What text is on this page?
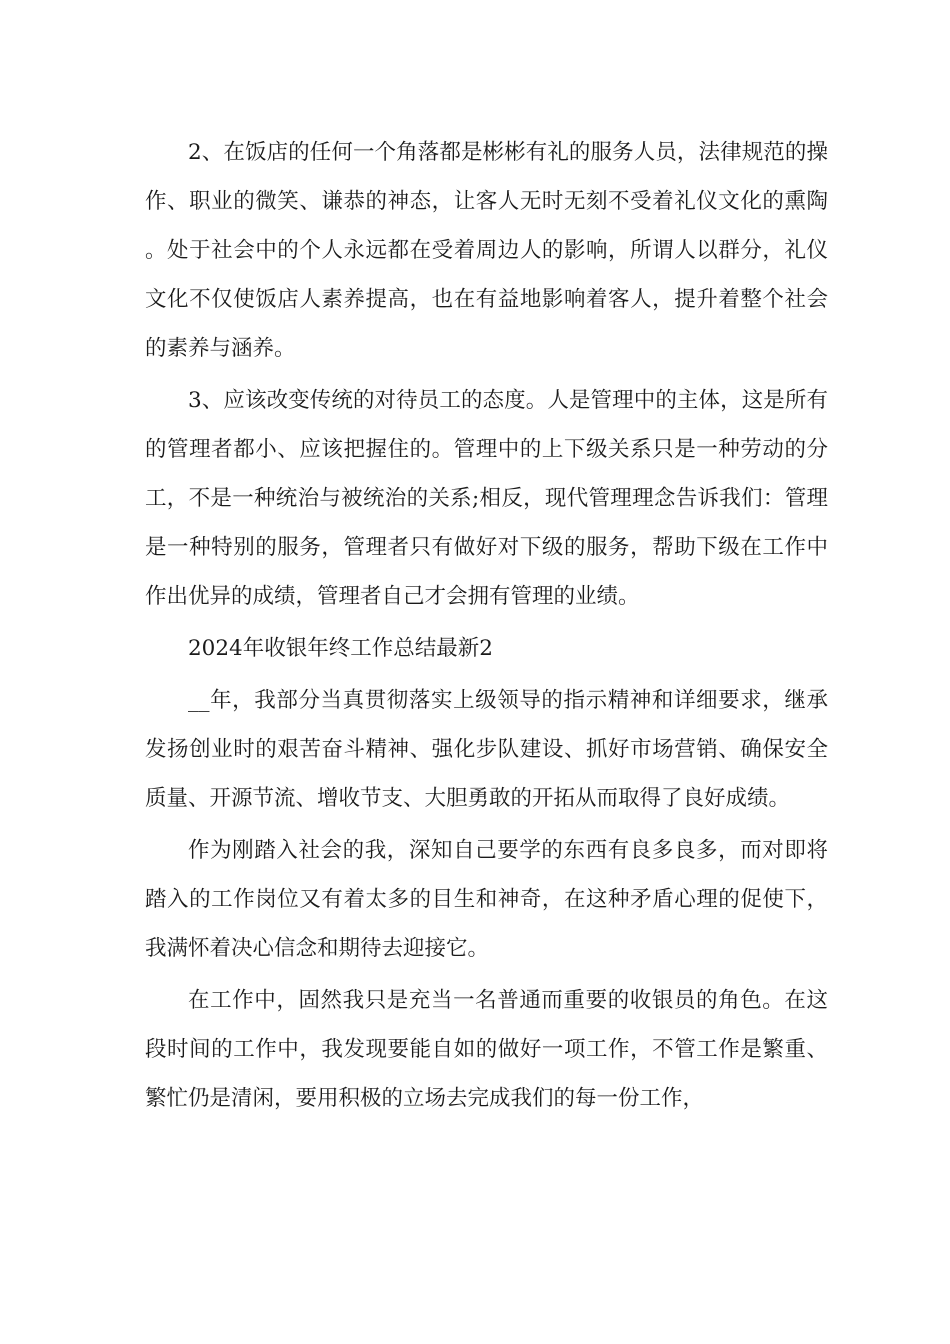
2、在饭店的任何一个角落都是彬彬有礼的服务人员，法律规范的操作、职业的微笑、谦恭的神态，让客人无时无刻不受着礼仪文化的熏陶。处于社会中的个人永远都在受着周边人的影响，所谓人以群分，礼仪文化不仅使饭店人素养提高，也在有益地影响着客人，提升着整个社会的素养与涵养。

3、应该改变传统的对待员工的态度。人是管理中的主体，这是所有的管理者都小、应该把握住的。管理中的上下级关系只是一种劳动的分工，不是一种统治与被统治的关系;相反，现代管理理念告诉我们：管理是一种特别的服务，管理者只有做好对下级的服务，帮助下级在工作中作出优异的成绩，管理者自己才会拥有管理的业绩。

2024年收银年终工作总结最新2

__年，我部分当真贯彻落实上级领导的指示精神和详细要求，继承发扬创业时的艰苦奋斗精神、强化步队建设、抓好市场营销、确保安全质量、开源节流、增收节支、大胆勇敢的开拓从而取得了良好成绩。

作为刚踏入社会的我，深知自己要学的东西有良多良多，而对即将踏入的工作岗位又有着太多的目生和神奇，在这种矛盾心理的促使下，我满怀着决心信念和期待去迎接它。

在工作中，固然我只是充当一名普通而重要的收银员的角色。在这段时间的工作中，我发现要能自如的做好一项工作，不管工作是繁重、繁忙仍是清闲，要用积极的立场去完成我们的每一份工作，
